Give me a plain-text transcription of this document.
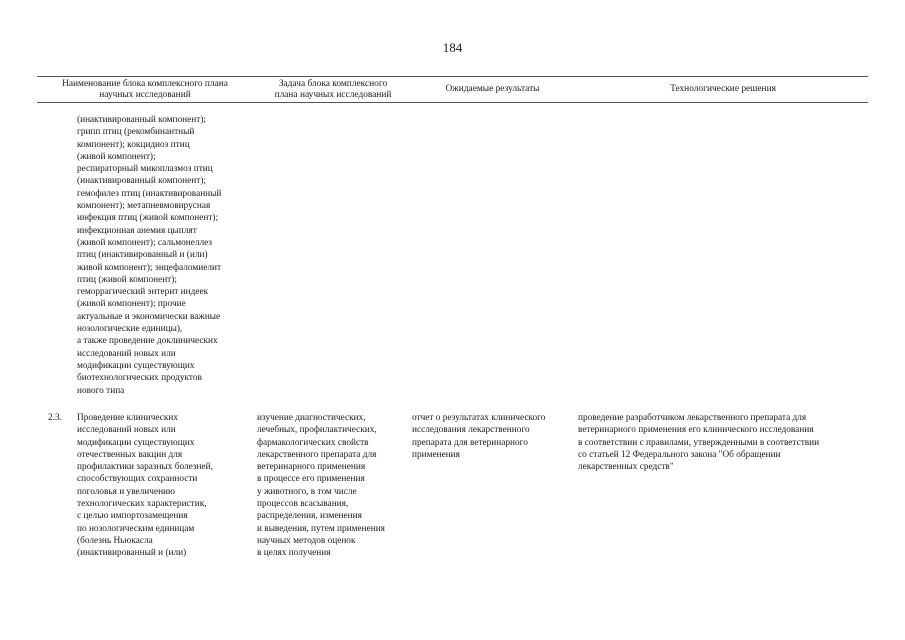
184
Наименование блока комплексного плана
научных исследований
Задача блока комплексного
плана научных исследований
Ожидаемые результаты	Технологические решения
(инактивированный компонент);
грипп птиц (рекомбинантный
компонент); кокцидиоз птиц
(живой компонент);
респираторный микоплазмоз птиц
(инактивированный компонент);
гемофилез птиц (инактивированный
компонент); метапневмовирусная
инфекция птиц (живой компонент);
инфекционная анемия цыплят
(живой компонент); сальмонеллез
птиц (инактивированный и (или)
живой компонент); энцефаломиелит
птиц (живой компонент);
геморрагический энтерит индеек
(живой компонент); прочие
актуальные и экономически важные
нозологические единицы),
а также проведение доклинических
исследований новых или
модификации существующих
биотехнологических продуктов
нового типа
2.3. Проведение клинических
исследований новых или
модификации существующих
отечественных вакцин для
профилактики заразных болезней,
способствующих сохранности
поголовья и увеличению
технологических характеристик,
с целью импортозамещения
по нозологическим единицам
(болезнь Ньюкасла
(инактивированный и (или)
изучение диагностических,
лечебных, профилактических,
фармакологических свойств
лекарственного препарата для
ветеринарного применения
в процессе его применения
у животного, в том числе
процессов всасывания,
распределения, изменения
и выведения, путем применения
научных методов оценок
в целях получения
отчет о результатах клинического
исследования лекарственного
препарата для ветеринарного
применения
проведение разработчиком лекарственного препарата для
ветеринарного применения его клинического исследования
в соответствии с правилами, утвержденными в соответствии
со статьей 12 Федерального закона "Об обращении
лекарственных средств"
